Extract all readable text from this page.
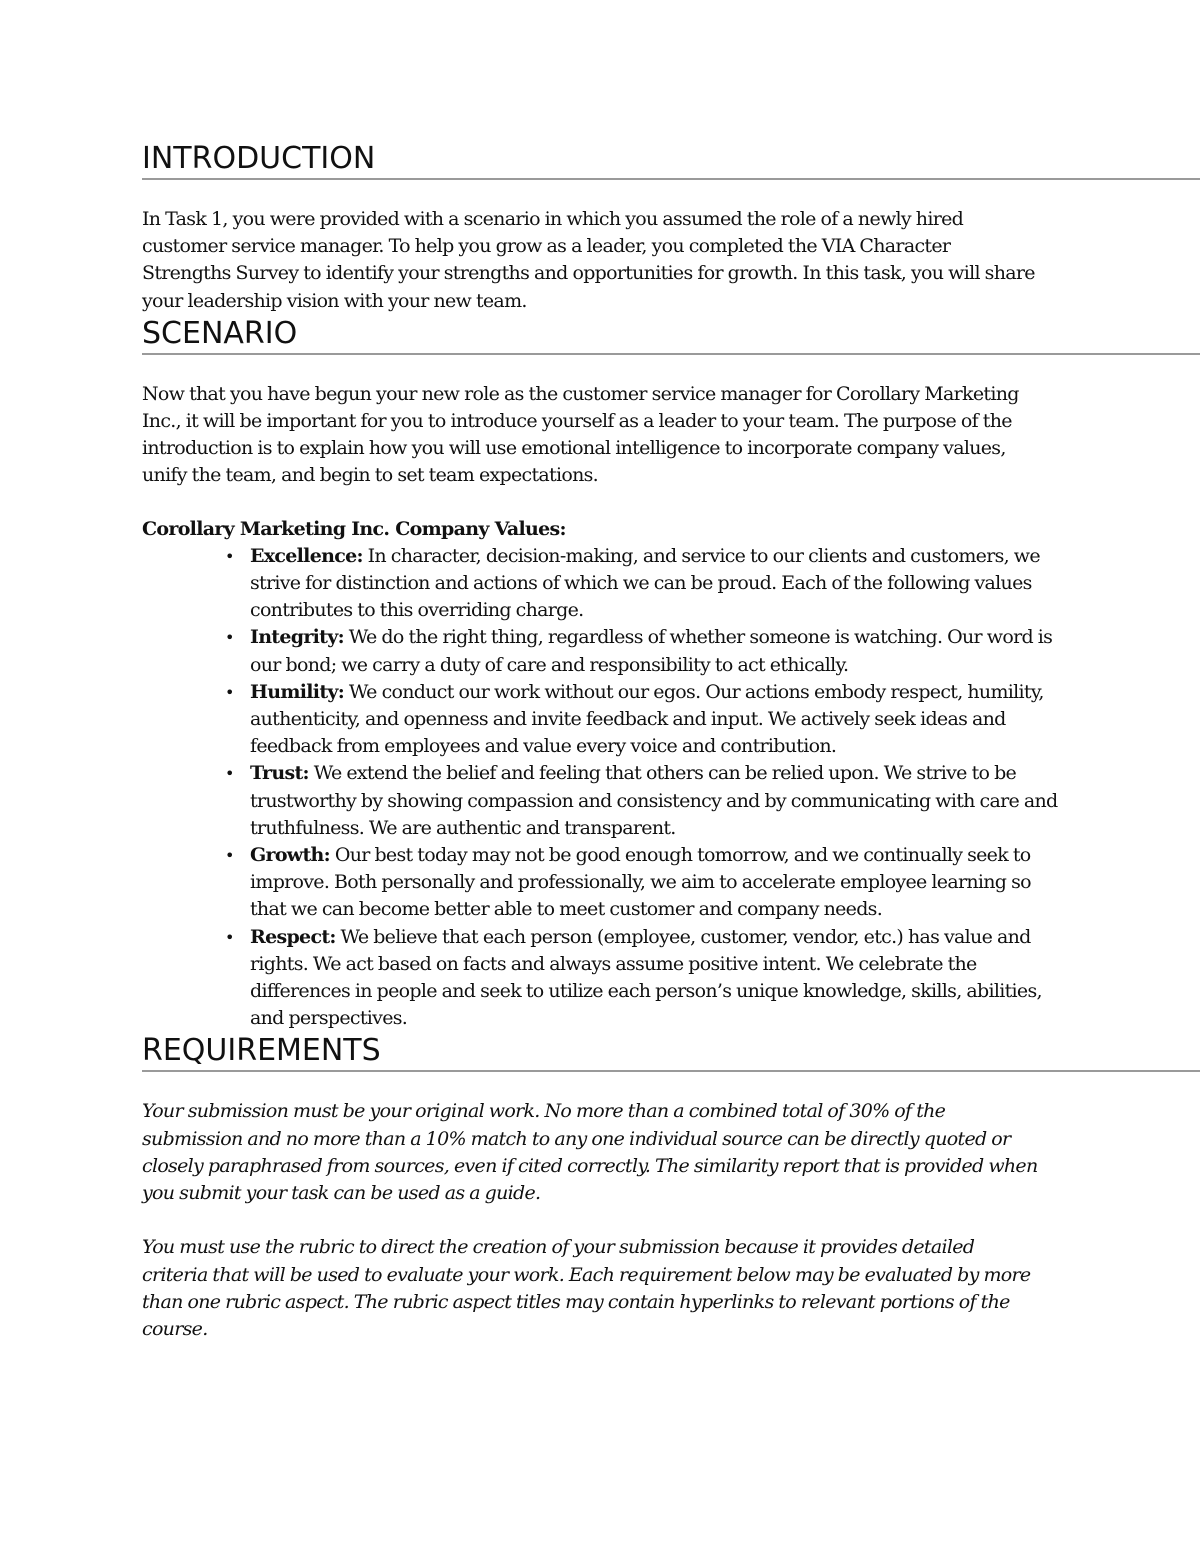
INTRODUCTION

In Task 1, you were provided with a scenario in which you assumed the role of a newly hired customer service manager. To help you grow as a leader, you completed the VIA Character Strengths Survey to identify your strengths and opportunities for growth. In this task, you will share your leadership vision with your new team.

SCENARIO

Now that you have begun your new role as the customer service manager for Corollary Marketing Inc., it will be important for you to introduce yourself as a leader to your team. The purpose of the introduction is to explain how you will use emotional intelligence to incorporate company values, unify the team, and begin to set team expectations.

Corollary Marketing Inc. Company Values:
• Excellence: In character, decision-making, and service to our clients and customers, we strive for distinction and actions of which we can be proud. Each of the following values contributes to this overriding charge.
• Integrity: We do the right thing, regardless of whether someone is watching. Our word is our bond; we carry a duty of care and responsibility to act ethically.
• Humility: We conduct our work without our egos. Our actions embody respect, humility, authenticity, and openness and invite feedback and input. We actively seek ideas and feedback from employees and value every voice and contribution.
• Trust: We extend the belief and feeling that others can be relied upon. We strive to be trustworthy by showing compassion and consistency and by communicating with care and truthfulness. We are authentic and transparent.
• Growth: Our best today may not be good enough tomorrow, and we continually seek to improve. Both personally and professionally, we aim to accelerate employee learning so that we can become better able to meet customer and company needs.
• Respect: We believe that each person (employee, customer, vendor, etc.) has value and rights. We act based on facts and always assume positive intent. We celebrate the differences in people and seek to utilize each person’s unique knowledge, skills, abilities, and perspectives.
REQUIREMENTS

Your submission must be your original work. No more than a combined total of 30% of the submission and no more than a 10% match to any one individual source can be directly quoted or closely paraphrased from sources, even if cited correctly. The similarity report that is provided when you submit your task can be used as a guide.

You must use the rubric to direct the creation of your submission because it provides detailed criteria that will be used to evaluate your work. Each requirement below may be evaluated by more than one rubric aspect. The rubric aspect titles may contain hyperlinks to relevant portions of the course.
